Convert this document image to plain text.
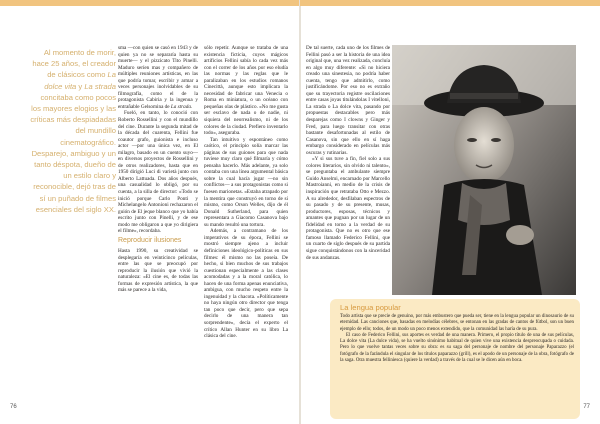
Al momento de morir, hace 25 años, el creador de clásicos como La dolce vita y La strada concitaba como pocos los mayores elogios y las críticas más despiadadas del mundillo cinematográfico. Desparejo, ambiguo y un tanto déspota, dueño de un estilo claro y reconocible, dejó tras de sí un puñado de filmes esenciales del siglo XX.

sma —con quien se casó en 1943 y de quien ya no se separaría hasta su muerte— y el pizzicato Tito Pinelli. Maduro seríen mas y compañero de múltiples reuniones artísticas, en las que podría tomar, escribir y armar a veces personajes inolvidables de su filmografía, como el de la protagonista Cabiria y la ingenua y entrañable Gelsomina de La strada.

Fueló, en tanto, lo conoció con Roberto Rossellini y con el mundillo del cine. Durante la segunda mitad de la década del cuarenta, Fellini fue coautor grafo, guionista e incluso actor —por una única vez, en El milagro, basado en un cuento suyo— en diversos proyectos de Rossellini y de otros realizadores, hasta que en 1950 dirigió Luci di varietà junto con Alberto Lattuada. Dos años después, una casualidad lo obligó, por su cuenta, a la silla de director: «Todo se inició porque Carlo Ponti y Michelangelo Antonioni rechazaron el guión de El jeque blanco que yo había escrito junto con Pinelli, y de ese modo me obligaron a que yo dirigiera el filme», recordaba.

Reproducir ilusiones

Hasta 1990, su creatividad se desplegaría en veinticinco películas, entre las que se preocupó por reproducir la ilusión que vivió la naturaleza: «El cine es, de todas las formas de expresión artística, la que más se parece a la vida,

sólo repetir. Aunque se trataba de una existencia ficticia, cuyos mágicos artificios Fellini sabía lo cada vez más con el correr de los años por eso eludía las normas y las reglas que le paralizaban en los estudios romanos Cinecittà, aunque esto implicara la necesidad de fabricar una Venecia o Roma en miniatura, o un océano con pequeñas olas de plástico. «No me gusta ser esclavo de nada o de nadie, ni siquiera del neorrealismo, ni de los colores de la ciudad. Prefiero inventarlo todo», aseguraba.

Tan intuitivo y espontáneo como caótico, el principio solía marcar las páginas de sus guiones para que nada tuviese muy claro qué filmaría y cómo pensaba hacerlo. Más adelante, ya solo contaba con una línea argumental básica sobre la cual hacía jugar —no sin conflictos— a sus protagonistas como si fuesen marionetas. «Estaba atrapado por la mentira que construyó en torno de sí mismo, como Orson Welles, dijo de él Donald Sutherland, para quien representara a Giacomo Casanova bajo su mando resultó una tortura.

Además, a contramano de los imperativos de su época, Fellini se mostró siempre ajeno a incluir definiciones ideológico-políticas en sus filmes: él mismo no las poseía. De hecho, si bien muchos de sus trabajos cuestionan especialmente a las clases acomodadas y a la moral católica, lo hacen de una forma apenas enunciativa, ambigua, con mucho respeto entre la ingenuidad y la chacota. «Políticamente no haya ningún otro director que tenga tan poco que decir, pero que sepa decirlo de una manera tan sorprendente», decía el experto el crítico Allan Hunter en su libro La clásica del cine.

76	77

De tal suerte, cada uno de los filmes de Fellini pasó a ser la historia de una idea original que, una vez realizada, concluía en algo muy diferente: «Si no hiciera creado una sinestesia, no podría haber cuenta, tengo que admitirlo, como justificándome. Por eso no es extraño que su trayectoria registre oscilaciones entre casas joyas titulándolas I vitelloni, La strada o La dolce vita, pasando por propuestas destacables pero más desparejas como I clowns y Ginger y Fred, para luego transitar con otras bastante desafortunadas al estilo de Casanova, sin que ello en sí haga embargo considerado en películas más oscuras y rutinarias.

«Y si sus tuve a fin, fiel solo a sus colores literarios, sin olvido ni talento», se preguntaba el ambulante siempre Guido Anselmi, encarnado por Marcello Mastroianni, en medio de la crisis de inspiración que retrataba Otto e Mezzo. A su alrededor, desfilaban espectros de su pasado y de su presente, musas, productores, esposas, técnicos y amantes que pugnan por un lugar de un fidelidad en torno a la verdad de su protagonista. Que no es otro que ese famoso llamado Federico Fellini, que un cuarto de siglo después de su partida sigue conquistándonos con la sinceridad de sus andanzas.

La lengua popular

Todo artista que se precie de genuino, por más embustero que pueda ser, tiene en la lengua popular un dinosaurio de su eternidad. Las canciones que, basadas en melodías célebres, se entonan en las gradas de cantos de fútbol, son un buen ejemplo de ello; todos, de un modo un poco menos extendido, que la comunidad las haría de su pura.

El caso de Federico Fellini, sus aportes es verdad de una manera. Primero, el propio título de una de sus películas, La dolce vita (La dulce vida), se ha vuelto sinónimo habitual de quien vive una existencia despreocupada o cuidada. Pero lo que vuelve tantas veces sobre su obra: es su saga del personaje de nombre del personaje Paparazzo (el fotógrafo de la farándula el singular de los títulos paparazzo (grill), es el apodo de un personaje de la obra, fotógrafo de la saga. Otra muestra felliniesca (quiere la verdad) a través de la cual se le dicen aún en boca.
